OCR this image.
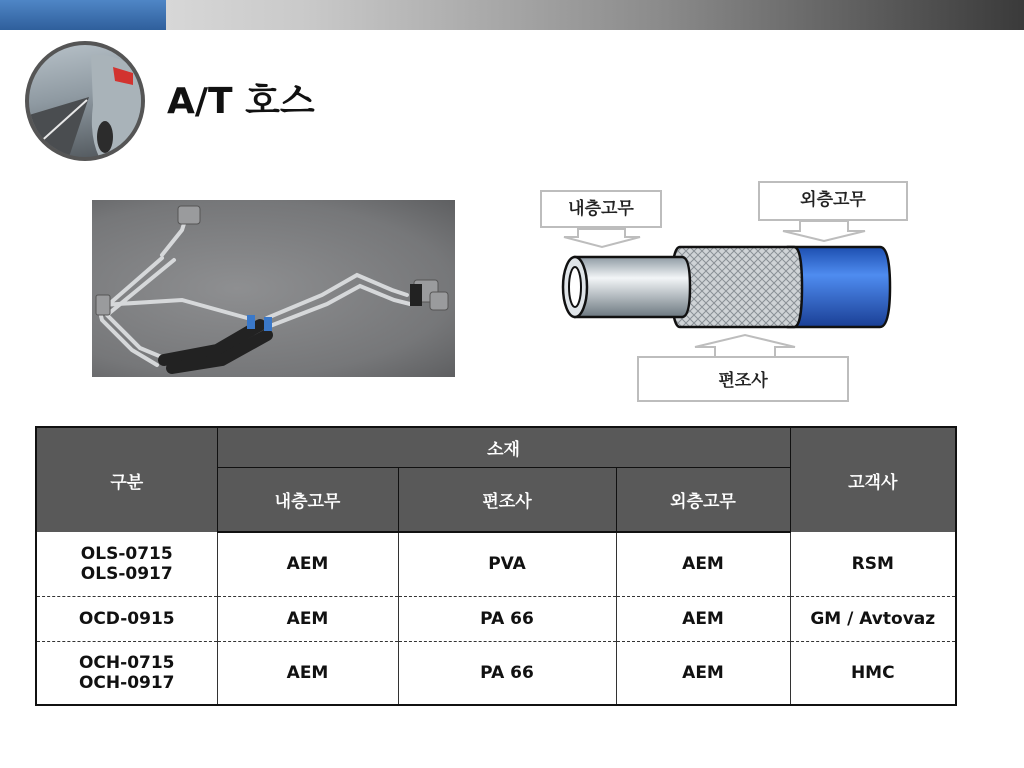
A/T 호스
내층고무	외층고무
편조사
구분	소재			고객사
	내층고무	편조사	외층고무	

OLS-0715
OLS-0917	AEM	PVA	AEM	RSM

OCD-0915	AEM	PA 66	AEM	GM / Avtovaz

OCH-0715
OCH-0917	AEM	PA 66	AEM	HMC
